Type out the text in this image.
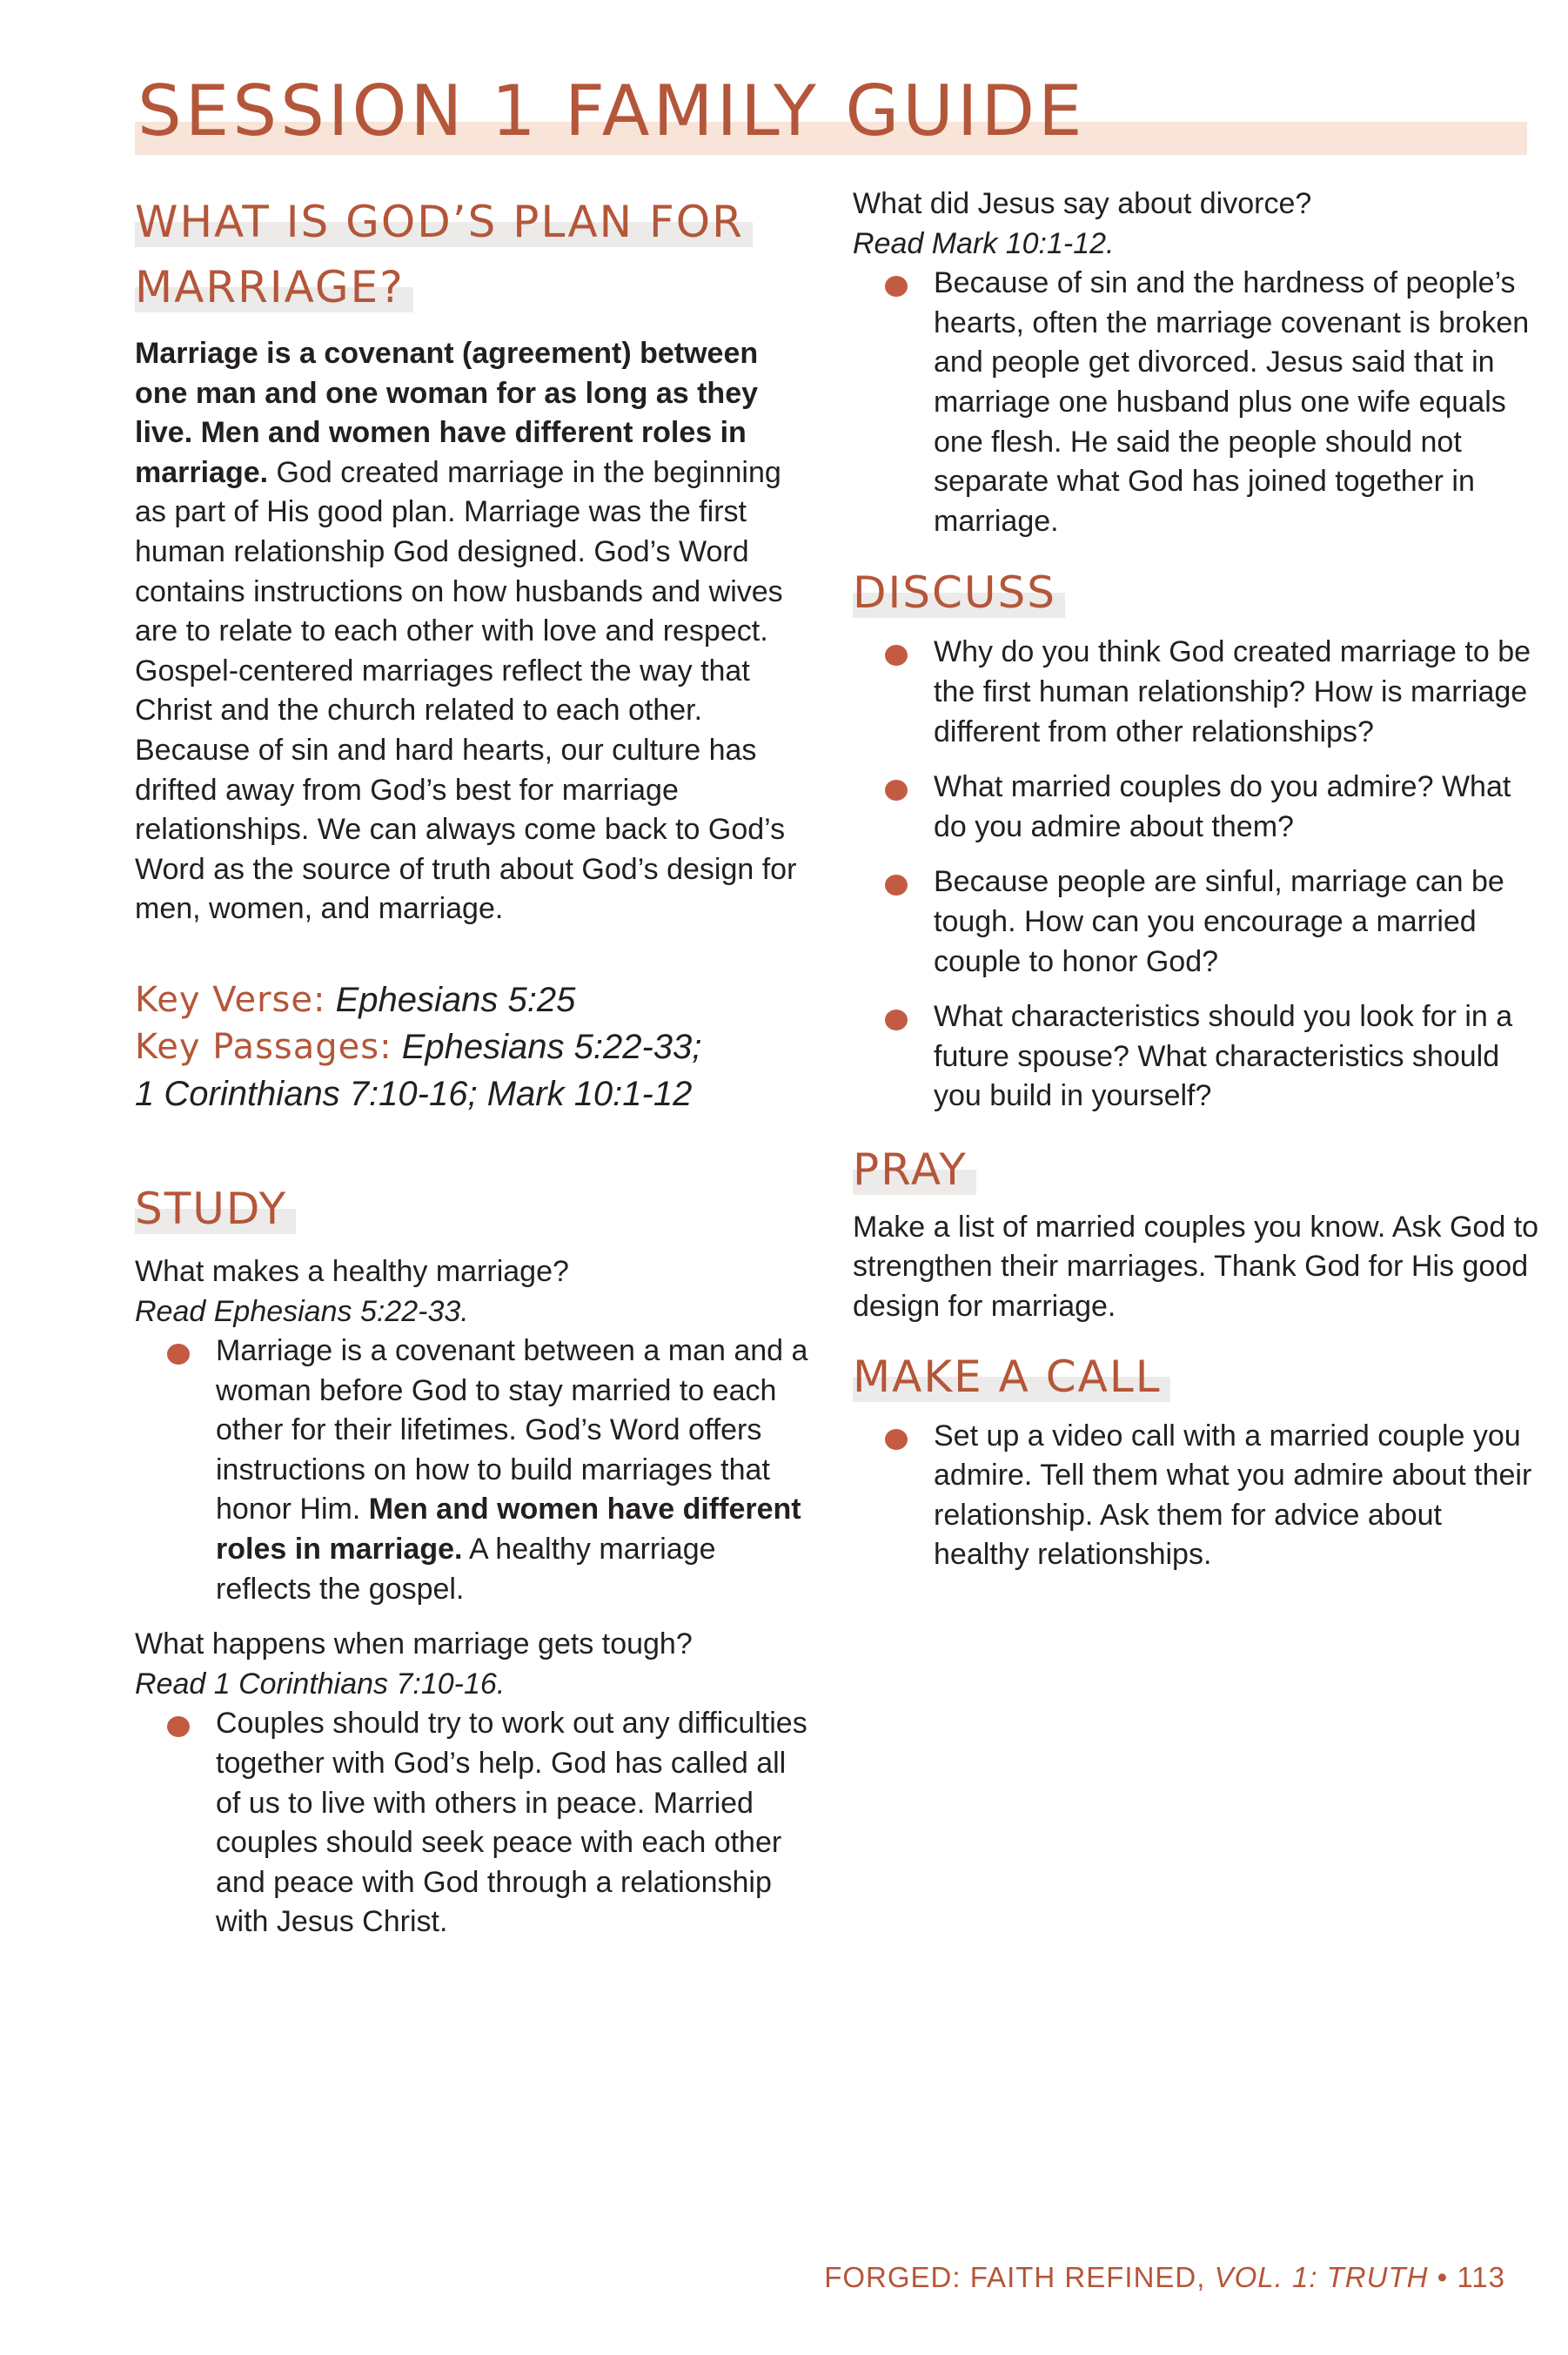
SESSION 1 FAMILY GUIDE
WHAT IS GOD’S PLAN FOR MARRIAGE?

Marriage is a covenant (agreement) between one man and one woman for as long as they live. Men and women have different roles in marriage. God created marriage in the beginning as part of His good plan. Marriage was the first human relationship God designed. God’s Word contains instructions on how husbands and wives are to relate to each other with love and respect. Gospel-centered marriages reflect the way that Christ and the church related to each other. Because of sin and hard hearts, our culture has drifted away from God’s best for marriage relationships. We can always come back to God’s Word as the source of truth about God’s design for men, women, and marriage.

Key Verse: Ephesians 5:25

Key Passages: Ephesians 5:22-33;

1 Corinthians 7:10-16; Mark 10:1-12

STUDY

What makes a healthy marriage?

Read Ephesians 5:22-33.

Marriage is a covenant between a man and a woman before God to stay married to each other for their lifetimes. God’s Word offers instructions on how to build marriages that honor Him. Men and women have different roles in marriage. A healthy marriage reflects the gospel.

What happens when marriage gets tough?

Read 1 Corinthians 7:10-16.

Couples should try to work out any difficulties together with God’s help. God has called all of us to live with others in peace. Married couples should seek peace with each other and peace with God through a relationship with Jesus Christ.

What did Jesus say about divorce?

Read Mark 10:1-12.

Because of sin and the hardness of people’s hearts, often the marriage covenant is broken and people get divorced. Jesus said that in marriage one husband plus one wife equals one flesh. He said the people should not separate what God has joined together in marriage.
DISCUSS
Why do you think God created marriage to be the first human relationship? How is marriage different from other relationships?
What married couples do you admire? What do you admire about them?
Because people are sinful, marriage can be tough. How can you encourage a married couple to honor God?
What characteristics should you look for in a future spouse? What characteristics should you build in yourself?
PRAY

Make a list of married couples you know. Ask God to strengthen their marriages. Thank God for His good design for marriage.

MAKE A CALL
Set up a video call with a married couple you admire. Tell them what you admire about their relationship. Ask them for advice about healthy relationships.
FORGED: FAITH REFINED, VOL. 1: TRUTH • 113
